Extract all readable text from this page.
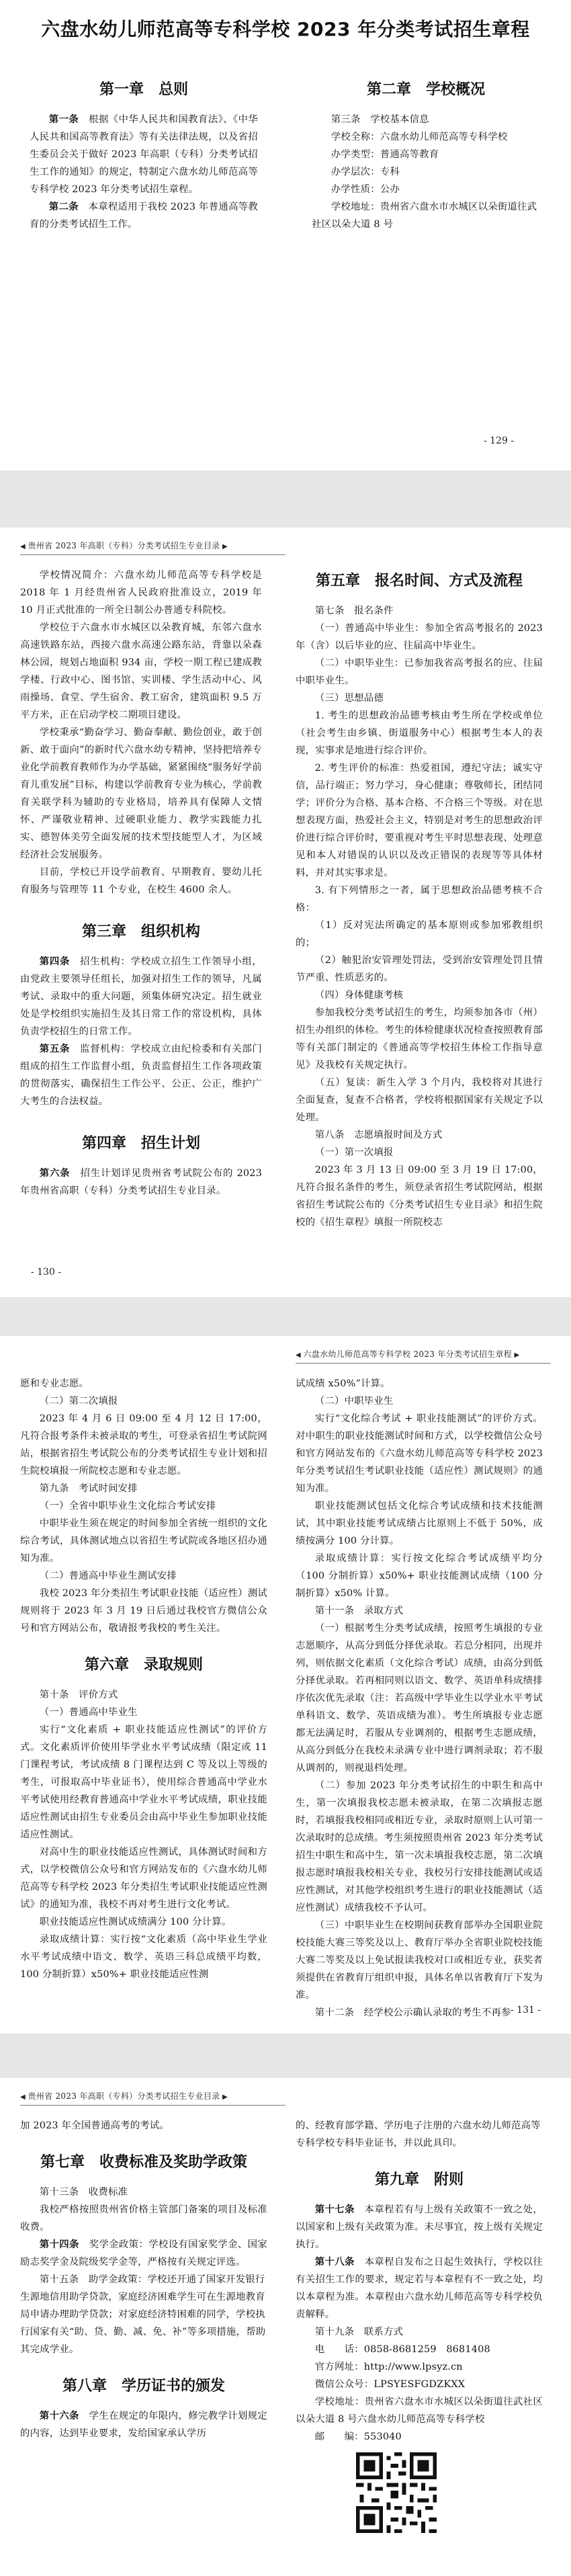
六盘水幼儿师范高等专科学校 2023 年分类考试招生章程
第一章　总则

第一条　 根据《中华人民共和国教育法》、《中华人民共和国高等教育法》等有关法律法规，以及省招生委员会关于做好 2023 年高职（专科）分类考试招生工作的通知》的规定，特制定六盘水幼儿师范高等专科学校 2023 年分类考试招生章程。

第二条　 本章程适用于我校 2023 年普通高等教育的分类考试招生工作。

第二章　学校概况

第三条　 学校基本信息

学校全称：六盘水幼儿师范高等专科学校

办学类型：普通高等教育

办学层次：专科

办学性质：公办

学校地址：贵州省六盘水市水城区以朵街道往武社区以朵大道 8 号

- 129 -
◀ 贵州省 2023 年高职（专科）分类考试招生专业目录 ▶

学校情况简介：六盘水幼儿师范高等专科学校是 2018 年 1 月经贵州省人民政府批准设立，2019 年 10 月正式批准的一所全日制公办普通专科院校。

学校位于六盘水市水城区以朵教育城，东邻六盘水高速铁路东站，西接六盘水高速公路东站，背靠以朵森林公园，规划占地面积 934 亩，学校一期工程已建成教学楼、行政中心、图书馆、实训楼、学生活动中心、风雨操场、食堂、学生宿舍、教工宿舍，建筑面积 9.5 万平方米，正在启动学校二期项目建设。

学校秉承“勤奋学习、勤奋奉献、勤俭创业，敢于创新、敢于面向”的新时代六盘水幼专精神，坚持把培养专业化学前教育教师作为办学基础，紧紧围绕“服务好学前育儿重发展”目标，构建以学前教育专业为核心，学前教育关联学科为辅助的专业格局，培养具有保障人文情怀、严谨敬业精神、过硬职业能力、教学实践能力扎实、德智体美劳全面发展的技术型技能型人才，为区域经济社会发展服务。

目前，学校已开设学前教育、早期教育、婴幼儿托育服务与管理等 11 个专业，在校生 4600 余人。

第三章　组织机构

第四条　 招生机构：学校成立招生工作领导小组，由党政主要领导任组长，加强对招生工作的领导，凡属考试、录取中的重大问题，须集体研究决定。招生就业处是学校组织实施招生及其日常工作的常设机构，具体负责学校招生的日常工作。

第五条　 监督机构：学校成立由纪检委和有关部门组成的招生工作监督小组，负责监督招生工作各项政策的贯彻落实，确保招生工作公平、公正、公正，维护广大考生的合法权益。

第四章　招生计划

第六条　 招生计划详见贵州省考试院公布的 2023 年贵州省高职（专科）分类考试招生专业目录。

第五章　报名时间、方式及流程

第七条　 报名条件

（一）普通高中毕业生：参加全省高考报名的 2023 年（含）以后毕业的应、往届高中毕业生。

（二）中职毕业生：已参加我省高考报名的应、往届中职毕业生。

（三）思想品德

1. 考生的思想政治品德考核由考生所在学校或单位（社会考生由乡镇、街道服务中心）根据考生本人的表现，实事求是地进行综合评价。

2. 考生评价的标准：热爱祖国，遵纪守法；诚实守信，品行端正；努力学习，身心健康；尊敬师长，团结同学；评价分为合格、基本合格、不合格三个等级。对在思想表现方面，热爱社会主义，特别是对考生的思想政治评价进行综合评价时，要重视对考生平时思想表现、处理意见和本人对错误的认识以及改正错误的表现等等具体材料，并对其实事求是。

3. 有下列情形之一者，属于思想政治品德考核不合格：

（1）反对宪法所确定的基本原则或参加邪教组织的；

（2）触犯治安管理处罚法，受到治安管理处罚且情节严重、性质恶劣的。

（四）身体健康考核

参加我校分类考试招生的考生，均须参加各市（州）招生办组织的体检。考生的体检健康状况检查按照教育部等有关部门制定的《普通高等学校招生体检工作指导意见》及我校有关规定执行。

（五）复读：新生入学 3 个月内，我校将对其进行全面复查，复查不合格者，学校将根据国家有关规定予以处理。

第八条　 志愿填报时间及方式

（一）第一次填报

2023 年 3 月 13 日 09:00 至 3 月 19 日 17:00，凡符合报名条件的考生，须登录省招生考试院网站，根据省招生考试院公布的《分类考试招生专业目录》和招生院校的《招生章程》填报一所院校志

- 130 -
◀ 六盘水幼儿师范高等专科学校 2023 年分类考试招生章程 ▶

愿和专业志愿。

（二）第二次填报

2023 年 4 月 6 日 09:00 至 4 月 12 日 17:00，凡符合报考条件未被录取的考生，可登录省招生考试院网站，根据省招生考试院公布的分类考试招生专业计划和招生院校填报一所院校志愿和专业志愿。

第九条　 考试时间安排

（一）全省中职毕业生文化综合考试安排

中职毕业生须在规定的时间参加全省统一组织的文化综合考试，具体测试地点以省招生考试院或各地区招办通知为准。

（二）普通高中毕业生测试安排

我校 2023 年分类招生考试职业技能（适应性）测试规则将于 2023 年 3 月 19 日后通过我校官方微信公众号和官方网站公布，敬请报考我校的考生关注。

第六章　录取规则

第十条　 评价方式

（一）普通高中毕业生

实行“文化素质 + 职业技能适应性测试”的评价方式。文化素质评价使用毕学业水平考试成绩（限定或 11 门课程考试，考试成绩 8 门课程达到 C 等及以上等级的考生，可报取高中毕业证书），使用综合普通高中学业水平考试使用经教育普通高中学业水平考试成绩，职业技能适应性测试由招生专业委员会由高中毕业生参加职业技能适应性测试。

对高中生的职业技能适应性测试，具体测试时间和方式，以学校微信公众号和官方网站发布的《六盘水幼儿师范高等专科学校 2023 年分类招生考试职业技能适应性测试》的通知为准，我校不再对考生进行文化考试。

职业技能适应性测试成绩满分 100 分计算。

录取成绩计算：实行按“文化素质（高中毕业生学业水平考试成绩中语文、数学、英语三科总成绩平均数，100 分制折算）x50%+ 职业技能适应性测

试成绩 x50%”计算。

（二）中职毕业生

实行“文化综合考试 + 职业技能测试”的评价方式。对中职生的职业技能测试时间和方式，以学校微信公众号和官方网站发布的《六盘水幼儿师范高等专科学校 2023 年分类考试招生考试职业技能（适应性）测试规则》的通知为准。

职业技能测试包括文化综合考试成绩和技术技能测试，其中职业技能考试成绩占比原则上不低于 50%，成绩按满分 100 分计算。

录取成绩计算：实行按文化综合考试成绩平均分（100 分制折算）x50%+ 职业技能测试成绩（100 分制折算）x50% 计算。

第十一条　 录取方式

（一）根据考生分类考试成绩，按照考生填报的专业志愿顺序，从高分到低分择优录取。若总分相同，出现并列，则依据文化素质（文化综合考试）成绩，由高分到低分择优录取。若再相同则以语文、数学、英语单科成绩排序依次优先录取（注：若高级中学毕业生以学业水平考试单科语文、数学、英语成绩为准）。考生所填报专业志愿都无法满足时，若服从专业调剂的，根据考生志愿成绩，从高分到低分在我校未录满专业中进行调剂录取；若不服从调剂的，则视退档处理。

（二）参加 2023 年分类考试招生的中职生和高中生，第一次填报我校志愿未被录取，在第二次填报志愿时，若填报我校相同或相近专业，录取时原则上认可第一次录取时的总成绩。考生须按照贵州省 2023 年分类考试招生中职生和高中生，第一次未填报我校志愿，第二次填报志愿时填报我校相关专业，我校另行安排技能测试或适应性测试，对其他学校组织考生进行的职业技能测试（适应性测试）成绩我校不予认可。

（三）中职毕业生在校期间获教育部举办全国职业院校技能大赛三等奖及以上、教育厅举办全省职业院校技能大赛二等奖及以上免试报读我校对口或相近专业，获奖者须提供在省教育厅组织申报，具体名单以省教育厅下发为准。

第十二条　 经学校公示确认录取的考生不再参 - 131 -
◀ 贵州省 2023 年高职（专科）分类考试招生专业目录 ▶

加 2023 年全国普通高考的考试。

第七章　收费标准及奖助学政策

第十三条　 收费标准

我校严格按照贵州省价格主管部门备案的项目及标准收费。

第十四条　 奖学金政策：学校设有国家奖学金、国家励志奖学金及院级奖学金等，严格按有关规定评选。

第十五条　 助学金政策：学校还开通了国家开发银行生源地信用助学贷款，家庭经济困难学生可在生源地教育局申请办理助学贷款；对家庭经济特困难的同学，学校执行国家有关“助、贷、勤、减、免、补”等多项措施，帮助其完成学业。

第八章　学历证书的颁发

第十六条　 学生在规定的年限内，修完教学计划规定的内容，达到毕业要求，发给国家承认学历

的、经教育部学籍、学历电子注册的六盘水幼儿师范高等专科学校专科毕业证书，并以此具印。

第九章　附则

第十七条　 本章程若有与上级有关政策不一致之处，以国家和上级有关政策为准。未尽事宜，按上级有关规定执行。

第十八条　 本章程自发布之日起生效执行，学校以往有关招生工作的要求，规定若与本章程有不一致之处，均以本章程为准。本章程由六盘水幼儿师范高等专科学校负责解释。

第十九条　 联系方式

电　　话：0858-8681259　8681408

官方网址：http://www.lpsyz.cn

微信公众号：LPSYESFGDZKXX

学校地址：贵州省六盘水市水城区以朵街道往武社区以朵大道 8 号六盘水幼儿师范高等专科学校

邮　　编：553040
